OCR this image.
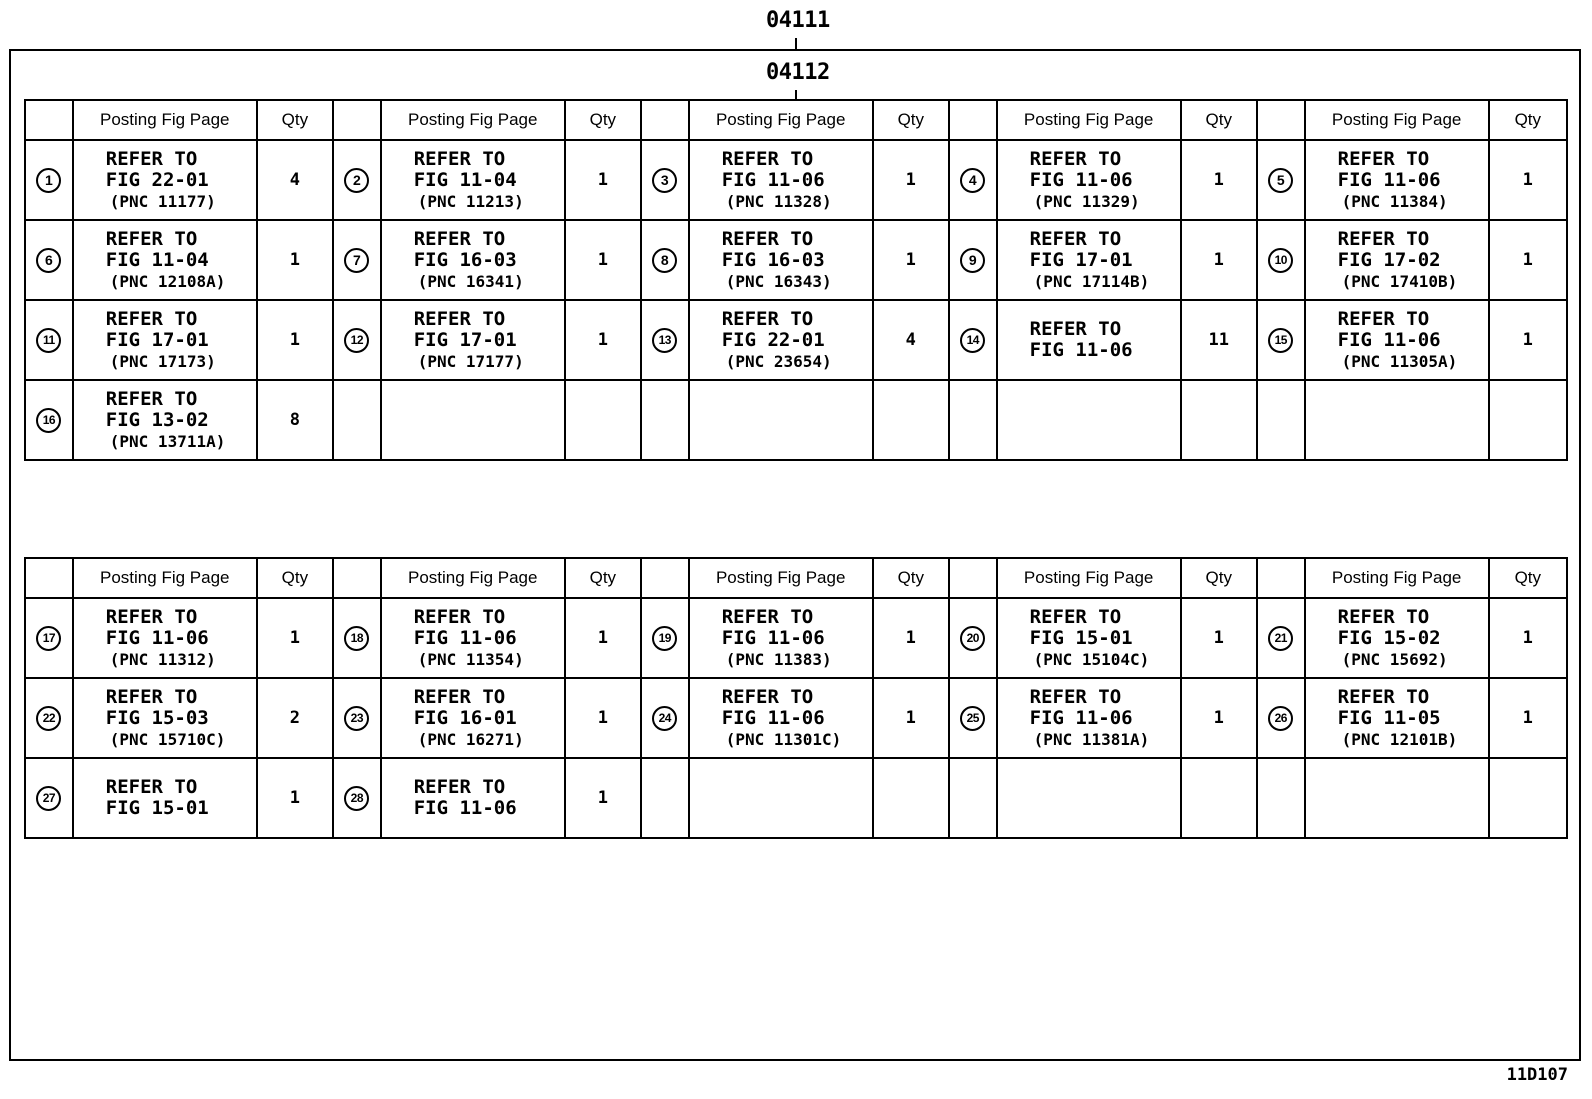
04111
04112
	Posting Fig Page	Qty		Posting Fig Page	Qty		Posting Fig Page	Qty		Posting Fig Page	Qty		Posting Fig Page	Qty
1	REFER TO
FIG 22-01
(PNC 11177)	4	2	REFER TO
FIG 11-04
(PNC 11213)	1	3	REFER TO
FIG 11-06
(PNC 11328)	1	4	REFER TO
FIG 11-06
(PNC 11329)	1	5	REFER TO
FIG 11-06
(PNC 11384)	1
6	REFER TO
FIG 11-04
(PNC 12108A)	1	7	REFER TO
FIG 16-03
(PNC 16341)	1	8	REFER TO
FIG 16-03
(PNC 16343)	1	9	REFER TO
FIG 17-01
(PNC 17114B)	1	10	REFER TO
FIG 17-02
(PNC 17410B)	1
11	REFER TO
FIG 17-01
(PNC 17173)	1	12	REFER TO
FIG 17-01
(PNC 17177)	1	13	REFER TO
FIG 22-01
(PNC 23654)	4	14	REFER TO
FIG 11-06	11	15	REFER TO
FIG 11-06
(PNC 11305A)	1
16	REFER TO
FIG 13-02
(PNC 13711A)	8												
	Posting Fig Page	Qty		Posting Fig Page	Qty		Posting Fig Page	Qty		Posting Fig Page	Qty		Posting Fig Page	Qty
17	REFER TO
FIG 11-06
(PNC 11312)	1	18	REFER TO
FIG 11-06
(PNC 11354)	1	19	REFER TO
FIG 11-06
(PNC 11383)	1	20	REFER TO
FIG 15-01
(PNC 15104C)	1	21	REFER TO
FIG 15-02
(PNC 15692)	1
22	REFER TO
FIG 15-03
(PNC 15710C)	2	23	REFER TO
FIG 16-01
(PNC 16271)	1	24	REFER TO
FIG 11-06
(PNC 11301C)	1	25	REFER TO
FIG 11-06
(PNC 11381A)	1	26	REFER TO
FIG 11-05
(PNC 12101B)	1
27	REFER TO
FIG 15-01	1	28	REFER TO
FIG 11-06	1									
11D107
